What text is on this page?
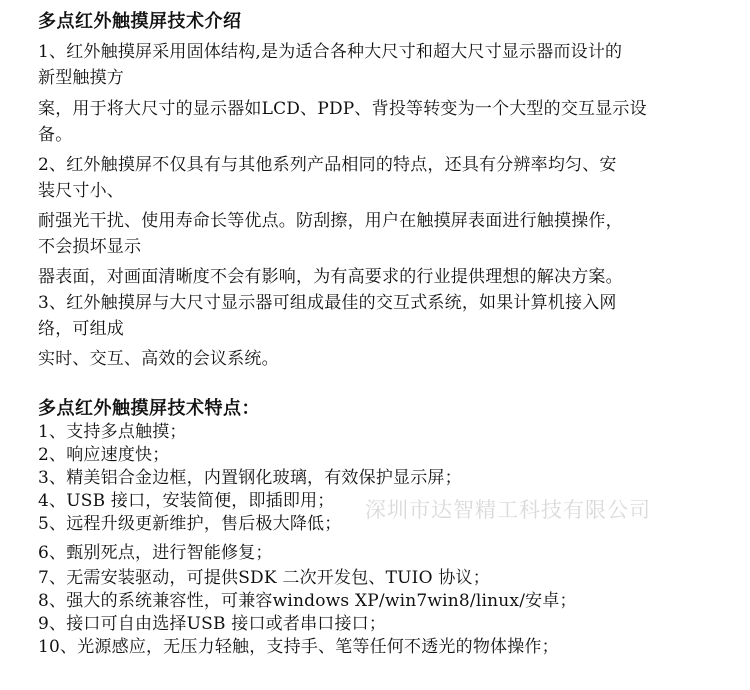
多点红外触摸屏技术介绍
1、红外触摸屏采用固体结构,是为适合各种大尺寸和超大尺寸显示器而设计的
新型触摸方
案，用于将大尺寸的显示器如LCD、PDP、背投等转变为一个大型的交互显示设
备。
2、红外触摸屏不仅具有与其他系列产品相同的特点，还具有分辨率均匀、安
装尺寸小、
耐强光干扰、使用寿命长等优点。防刮擦，用户在触摸屏表面进行触摸操作，
不会损坏显示
器表面，对画面清晰度不会有影响，为有高要求的行业提供理想的解决方案。
3、红外触摸屏与大尺寸显示器可组成最佳的交互式系统，如果计算机接入网
络，可组成
实时、交互、高效的会议系统。
多点红外触摸屏技术特点：
1、支持多点触摸；
2、响应速度快；
3、精美铝合金边框，内置钢化玻璃，有效保护显示屏；
4、USB 接口，安装简便，即插即用；
5、远程升级更新维护，售后极大降低；
6、甄别死点，进行智能修复；
7、无需安装驱动，可提供SDK 二次开发包、TUIO 协议；
8、强大的系统兼容性，可兼容windows XP/win7win8/linux/安卓；
9、接口可自由选择USB 接口或者串口接口；
10、光源感应，无压力轻触，支持手、笔等任何不透光的物体操作；
深圳市达智精工科技有限公司
